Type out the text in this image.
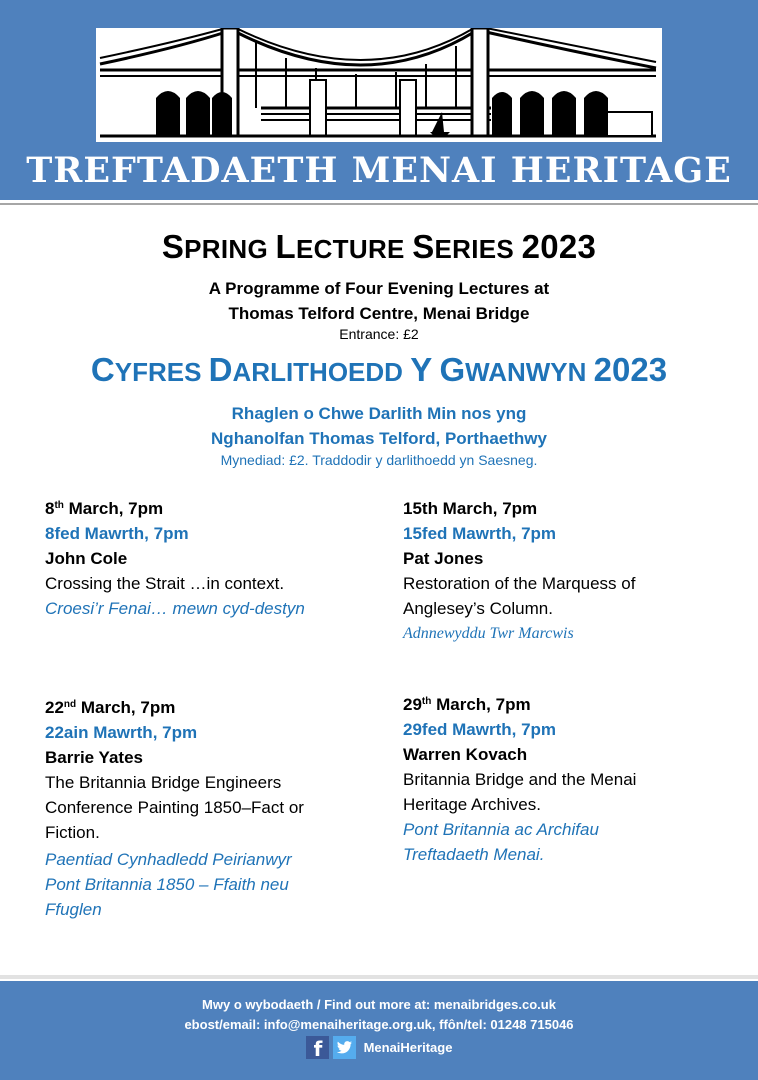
TREFTADAETH MENAI HERITAGE
SPRING LECTURE SERIES 2023
A Programme of Four Evening Lectures at
Thomas Telford Centre, Menai Bridge
Entrance: £2
CYFRES DARLITHOEDD Y GWANWYN 2023
Rhaglen o Chwe Darlith Min nos yng
Nghanolfan Thomas Telford, Porthaethwy
Mynediad: £2. Traddodir y darlithoedd yn Saesneg.
8th March, 7pm
8fed Mawrth, 7pm
John Cole
Crossing the Strait …in context.
Croesi’r Fenai… mewn cyd-destyn
15th March, 7pm
15fed Mawrth, 7pm
Pat Jones
Restoration of the Marquess of
Anglesey’s Column.
Adnnewyddu Twr Marcwis
22nd March, 7pm
22ain Mawrth, 7pm
Barrie Yates
The Britannia Bridge Engineers
Conference Painting 1850–Fact or
Fiction.
Paentiad Cynhadledd Peirianwyr
Pont Britannia 1850 – Ffaith neu
Ffuglen
29th March, 7pm
29fed Mawrth, 7pm
Warren Kovach
Britannia Bridge and the Menai
Heritage Archives.
Pont Britannia ac Archifau
Treftadaeth Menai.
Mwy o wybodaeth / Find out more at: menaibridges.co.uk
ebost/email: info@menaiheritage.org.uk, ffôn/tel: 01248 715046
f	MenaiHeritage
